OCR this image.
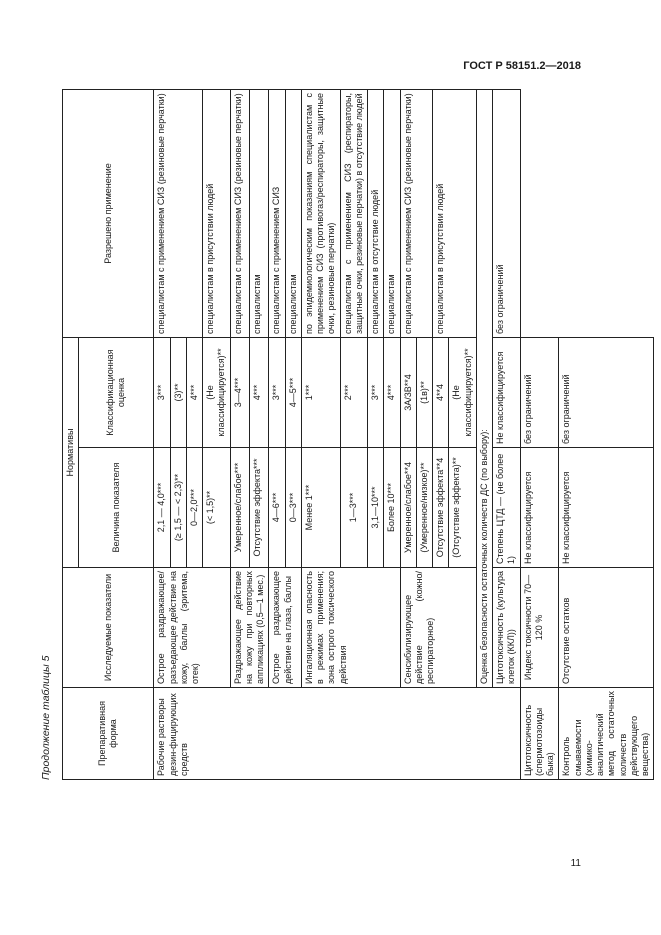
ГОСТ Р 58151.2—2018
Продолжение таблицы 5	Препаративная форма	Исследуемые показатели	Нормативы		Разрешено применение
		Величина показателя	Классификационная оценка	
Рабочие растворы дезин-фицирующих средств	Острое раздражающее/ разъедающее действие на кожу, баллы (эритема, отек)	2,1 — 4,0***	3***	специалистам с применением СИЗ (резиновые перчатки)
		(≥ 1,5 — < 2,3)**	(3)**	
		0—2,0***	4***	
		(< 1,5)**	(Не классифицируется)**	специалистам в присутствии людей
	Раздражающее действие на кожу при повторных аппликациях (0,5—1 мес.)	Умеренное/слабое***	3—4***	специалистам с применением СИЗ (резиновые перчатки)
		Отсутствие эффекта***	4***	специалистам
	Острое раздражающее действие на глаза, баллы	4—6***	3***	специалистам с применением СИЗ
		0—3***	4—5***	специалистам
	Ингаляционная опасность в режимах применения; зона острого токсического действия	Менее 1***	1***	по эпидемиологическим показаниям специалистам с применением СИЗ (противогаз/респираторы, защитные очки, резиновые перчатки)
		1—3***	2***	специалистам с применением СИЗ (респираторы, защитные очки, резиновые перчатки) в отсутствие людей
		3,1—10***	3***	специалистам в отсутствие людей
		Более 10***	4***	специалистам
	Сенсибилизирующее действие (кожно/респираторное)	Умеренное/слабое**4	3А/3В**4	специалистам с применением СИЗ (резиновые перчатки)
		(Умеренное/низкое)**	(1в)**	
		Отсутствие эффекта**4	4**4	специалистам в присутствии людей
		(Отсутствие эффекта)**	(Не классифицируется)**	
	Оценка безопасности остаточных количеств ДС (по выбору):			
	Цитотоксичность (культура клеток (ККЛ))	Степень ЦТД — (не более 1)	Не классифицируется	без ограничений
Цитотоксичность (спермотозоиды быка)	Индекс токсичности 70—120 %	Не классифицируется	без ограничений	
Контроль смываемости (химико-аналитический метод остаточных количеств действующего вещества)	Отсутствие остатков	Не классифицируется	без ограничений	
11
